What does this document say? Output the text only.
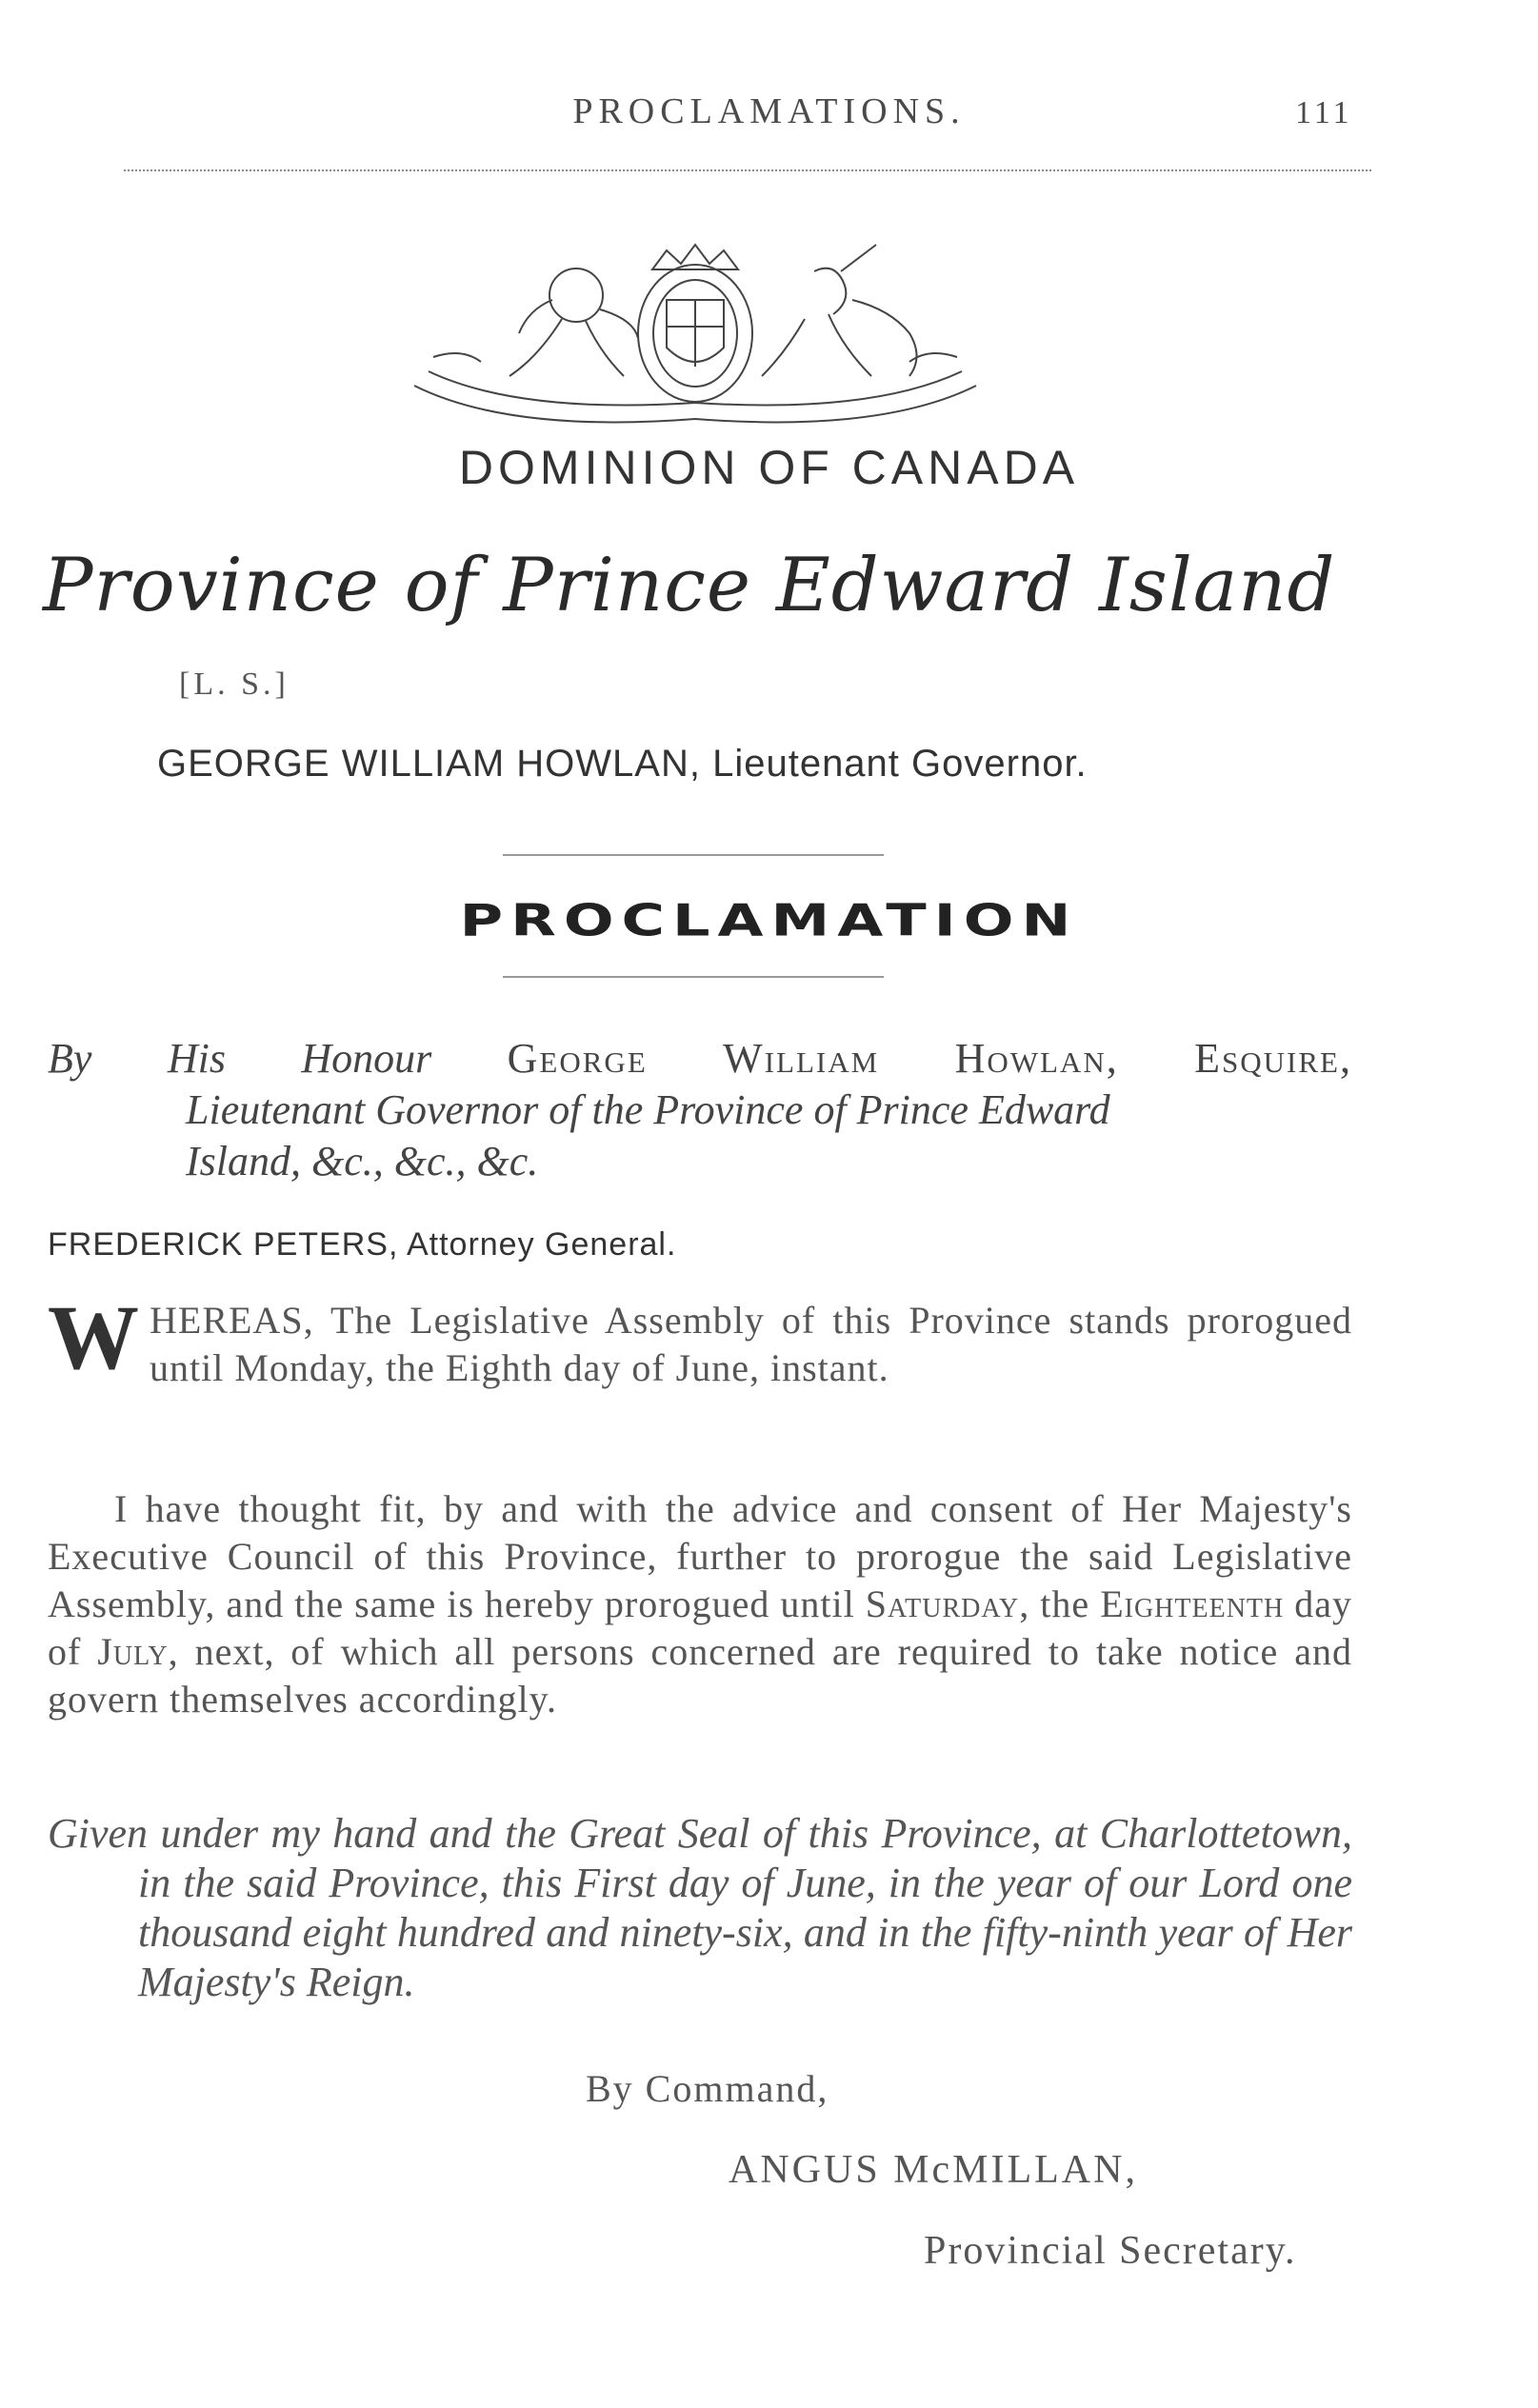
PROCLAMATIONS.	111
DOMINION OF CANADA
Province of Prince Edward Island
[L. S.]
GEORGE WILLIAM HOWLAN, Lieutenant Governor.
PROCLAMATION
By His Honour George William Howlan, Esquire,
Lieutenant Governor of the Province of Prince Edward
Island, &c., &c., &c.
FREDERICK PETERS, Attorney General.
W HEREAS, The Legislative Assembly of this Province stands prorogued until Monday, the Eighth day of June, instant.

I have thought fit, by and with the advice and consent of Her Majesty's Executive Council of this Province, further to prorogue the said Legislative Assembly, and the same is hereby prorogued until Saturday, the Eighteenth day of July, next, of which all persons concerned are required to take notice and govern themselves accordingly.

Given under my hand and the Great Seal of this Province, at Charlottetown, in the said Province, this First day of June, in the year of our Lord one thousand eight hundred and ninety-six, and in the fifty-ninth year of Her Majesty's Reign.

By Command,
ANGUS McMILLAN,
Provincial Secretary.
